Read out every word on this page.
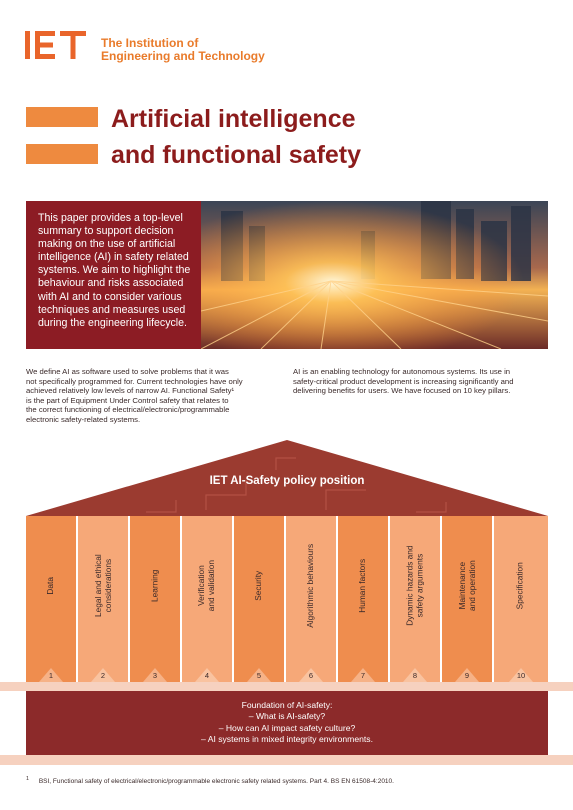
The Institution of
Engineering and Technology
Artificial intelligence
and functional safety
This paper provides a top-level summary to support decision making on the use of artificial intelligence (AI) in safety related systems. We aim to highlight the behaviour and risks associated with AI and to consider various techniques and measures used during the engineering lifecycle.
We define AI as software used to solve problems that it was
not specifically programmed for. Current technologies have only
achieved relatively low levels of narrow AI. Functional Safety¹
is the part of Equipment Under Control safety that relates to
the correct functioning of electrical/electronic/programmable
electronic safety-related systems.
AI is an enabling technology for autonomous systems. Its use in
safety-critical product development is increasing significantly and
delivering benefits for users. We have focused on 10 key pillars.
IET AI-Safety policy position
Data
1
Legal and ethical
considerations
2
Learning
3
Verification
and validation
4
Security
5
Algorithmic behaviours
6
Human factors
7
Dynamic hazards and
safety arguments
8
Maintenance
and operation
9
Specification
10
Foundation of AI-safety:
– What is AI-safety?
– How can AI impact safety culture?
– AI systems in mixed integrity environments.
$^1$ BSI, Functional safety of electrical/electronic/programmable electronic safety related systems. Part 4. BS EN 61508-4:2010.
